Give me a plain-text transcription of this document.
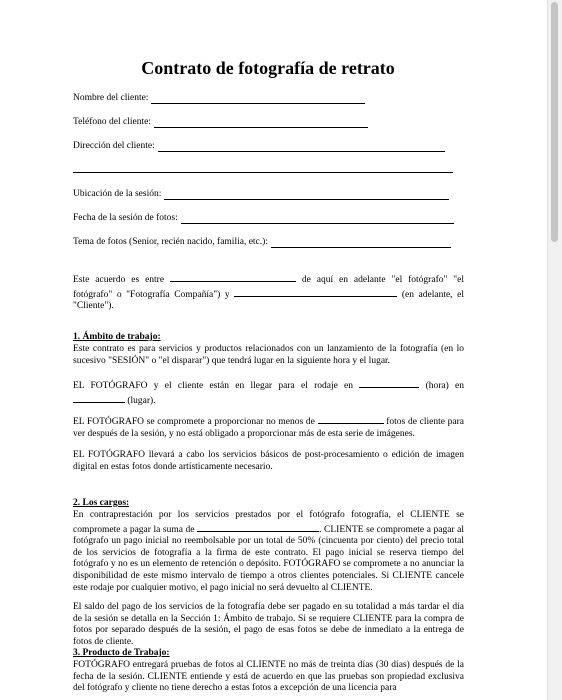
Contrato de fotografía de retrato
Nombre del cliente:
Teléfono del cliente:
Dirección del cliente:
Ubicación de la sesión:
Fecha de la sesión de fotos:
Tema de fotos (Senior, recién nacido, familia, etc.):

Este acuerdo es entre	de aquí en adelante "el fotógrafo" "el fotógrafo" o "Fotografía Compañía") y	(en adelante, el "Cliente").

1. Ámbito de trabajo:

Este contrato es para servicios y productos relacionados con un lanzamiento de la fotografía (en lo sucesivo "SESIÓN" o "el disparar") que tendrá lugar en la siguiente hora y el lugar.

EL FOTÓGRAFO y el cliente están en llegar para el rodaje en	(hora) en  (lugar).

EL FOTÓGRAFO se compromete a proporcionar no menos de	fotos de cliente para ver después de la sesión, y no está obligado a proporcionar más de esta serie de imágenes.

EL FOTÓGRAFO llevará a cabo los servicios básicos de post-procesamiento o edición de imagen digital en estas fotos donde artísticamente necesario.

2. Los cargos:

En contraprestación por los servicios prestados por el fotógrafo fotografía, el CLIENTE se compromete a pagar la suma de	. CLIENTE se compromete a pagar al fotógrafo un pago inicial no reembolsable por un total de 50% (cincuenta por ciento) del precio total de los servicios de fotografía a la firma de este contrato. El pago inicial se reserva tiempo del fotógrafo y no es un elemento de retención o depósito. FOTÓGRAFO se compromete a no anunciar la disponibilidad de este mismo intervalo de tiempo a otros clientes potenciales. Si CLIENTE cancele este rodaje por cualquier motivo, el pago inicial no será devuelto al CLIENTE.

El saldo del pago de los servicios de la fotografía debe ser pagado en su totalidad a más tardar el día de la sesión se detalla en la Sección 1: Ámbito de trabajo. Si se requiere CLIENTE para la compra de fotos por separado después de la sesión, el pago de esas fotos se debe de inmediato a la entrega de fotos de cliente.

3. Producto de Trabajo:

FOTÓGRAFO entregará pruebas de fotos al CLIENTE no más de treinta días (30 días) después de la fecha de la sesión. CLIENTE entiende y está de acuerdo en que las pruebas son propiedad exclusiva del fotógrafo y cliente no tiene derecho a estas fotos a excepción de una licencia para
